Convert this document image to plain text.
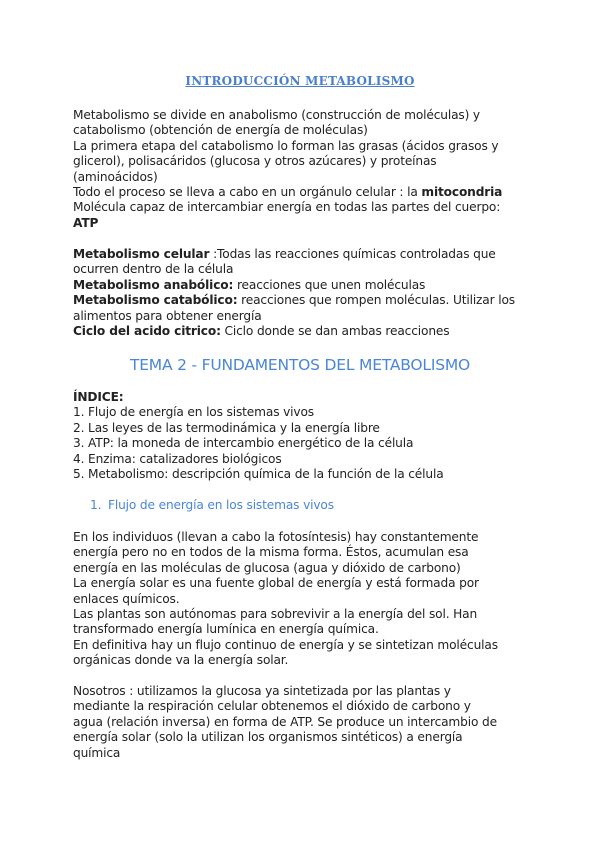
INTRODUCCIÓN METABOLISMO

Metabolismo se divide en anabolismo (construcción de moléculas) y

catabolismo (obtención de energía de moléculas)

La primera etapa del catabolismo lo forman las grasas (ácidos grasos y

glicerol), polisacáridos (glucosa y otros azúcares) y proteínas

(aminoácidos)

Todo el proceso se lleva a cabo en un orgánulo celular : la mitocondria

Molécula capaz de intercambiar energía en todas las partes del cuerpo:

ATP

Metabolismo celular :Todas las reacciones químicas controladas que

ocurren dentro de la célula

Metabolismo anabólico: reacciones que unen moléculas

Metabolismo catabólico: reacciones que rompen moléculas. Utilizar los

alimentos para obtener energía

Ciclo del acido citrico: Ciclo donde se dan ambas reacciones

TEMA 2 - FUNDAMENTOS DEL METABOLISMO

ÍNDICE:

1. Flujo de energía en los sistemas vivos

2. Las leyes de las termodinámica y la energía libre

3. ATP: la moneda de intercambio energético de la célula

4. Enzima: catalizadores biológicos

5. Metabolismo: descripción química de la función de la célula

1. Flujo de energía en los sistemas vivos

En los individuos (llevan a cabo la fotosíntesis) hay constantemente

energía pero no en todos de la misma forma. Éstos, acumulan esa

energía en las moléculas de glucosa (agua y dióxido de carbono)

La energía solar es una fuente global de energía y está formada por

enlaces químicos.

Las plantas son autónomas para sobrevivir a la energía del sol. Han

transformado energía lumínica en energía química.

En definitiva hay un flujo continuo de energía y se sintetizan moléculas

orgánicas donde va la energía solar.

Nosotros : utilizamos la glucosa ya sintetizada por las plantas y

mediante la respiración celular obtenemos el dióxido de carbono y

agua (relación inversa) en forma de ATP. Se produce un intercambio de

energía solar (solo la utilizan los organismos sintéticos) a energía

química
